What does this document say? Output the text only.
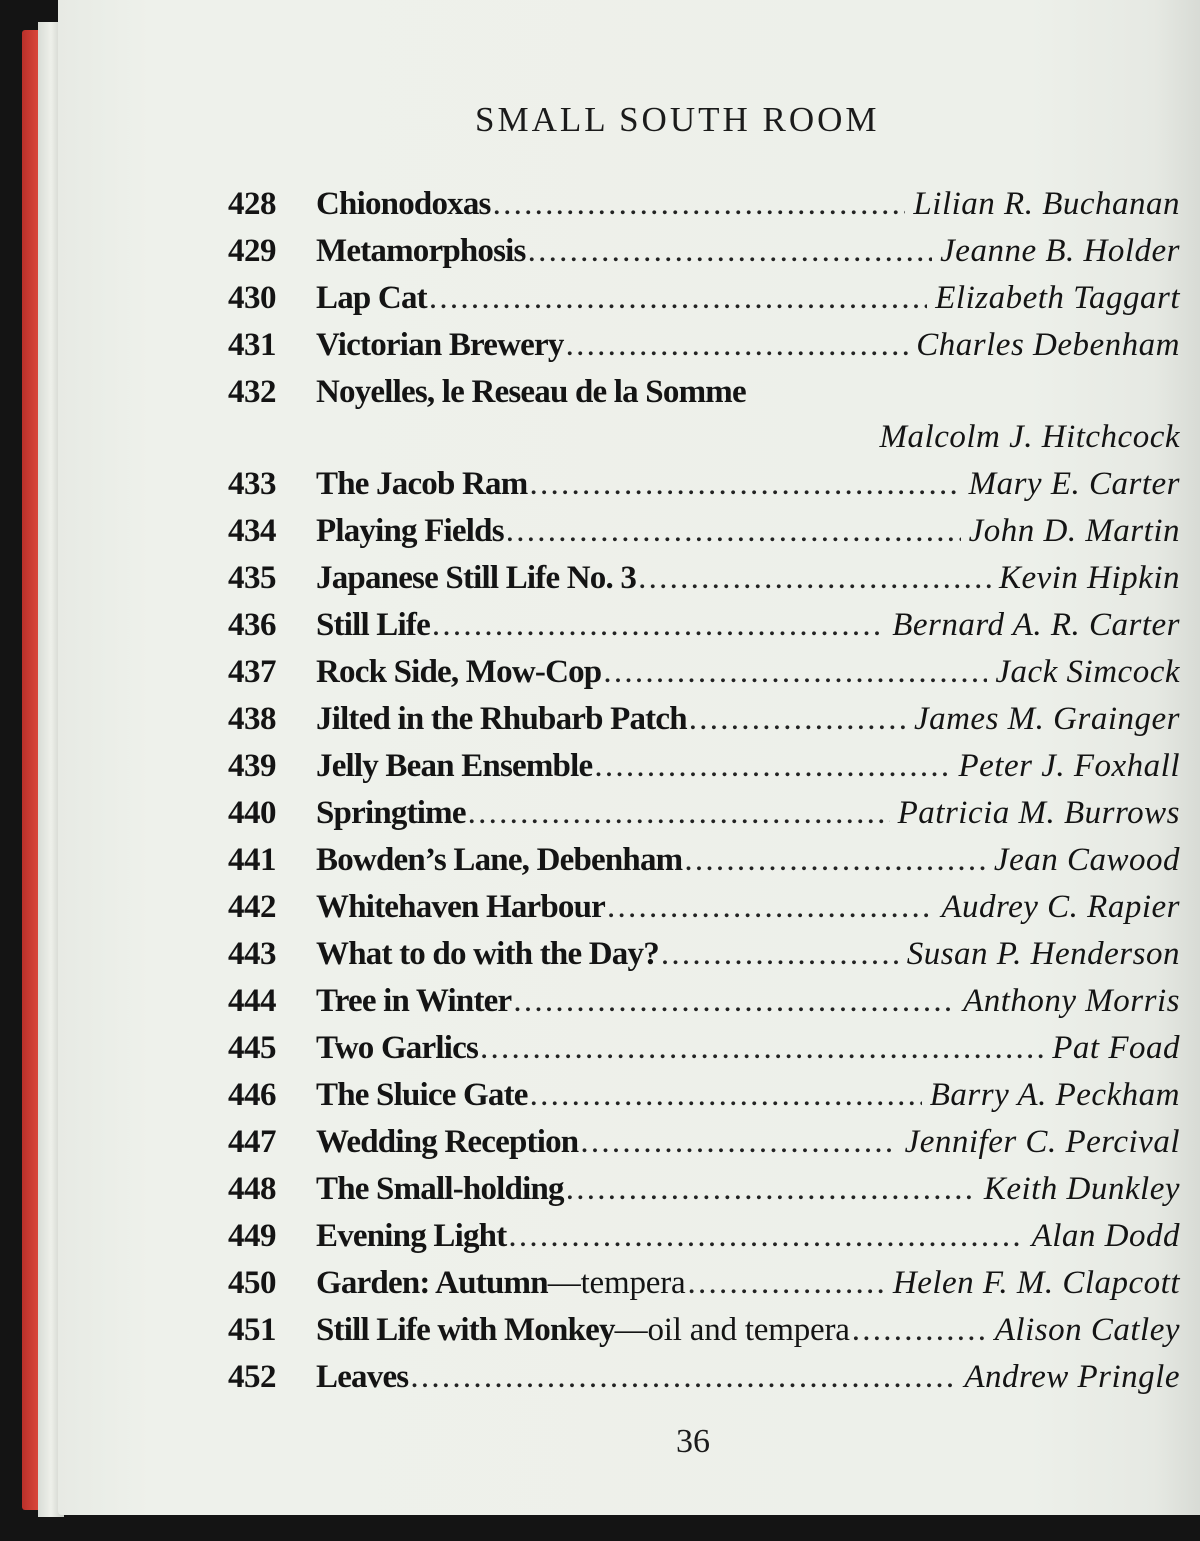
SMALL SOUTH ROOM
428	Chionodoxas . . .	Lilian R. Buchanan
429	Metamorphosis . . .	Jeanne B. Holder
430	Lap Cat . . .	Elizabeth Taggart
431	Victorian Brewery . . .	Charles Debenham
432	Noyelles, le Reseau de la Somme
Malcolm J. Hitchcock
433	The Jacob Ram . . .	Mary E. Carter
434	Playing Fields . . .	John D. Martin
435	Japanese Still Life No. 3 . . .	Kevin Hipkin
436	Still Life . . .	Bernard A. R. Carter
437	Rock Side, Mow-Cop . . .	Jack Simcock
438	Jilted in the Rhubarb Patch . . .	James M. Grainger
439	Jelly Bean Ensemble . . .	Peter J. Foxhall
440	Springtime . . .	Patricia M. Burrows
441	Bowden’s Lane, Debenham . . .	Jean Cawood
442	Whitehaven Harbour . . .	Audrey C. Rapier
443	What to do with the Day? . . .	Susan P. Henderson
444	Tree in Winter . . .	Anthony Morris
445	Two Garlics . . .	Pat Foad
446	The Sluice Gate . . .	Barry A. Peckham
447	Wedding Reception . . .	Jennifer C. Percival
448	The Small-holding . . .	Keith Dunkley
449	Evening Light . . .	Alan Dodd
450	Garden: Autumn —tempera . . .	Helen F. M. Clapcott
451	Still Life with Monkey —oil and tempera . . .	Alison Catley
452	Leaves . . .	Andrew Pringle
36
